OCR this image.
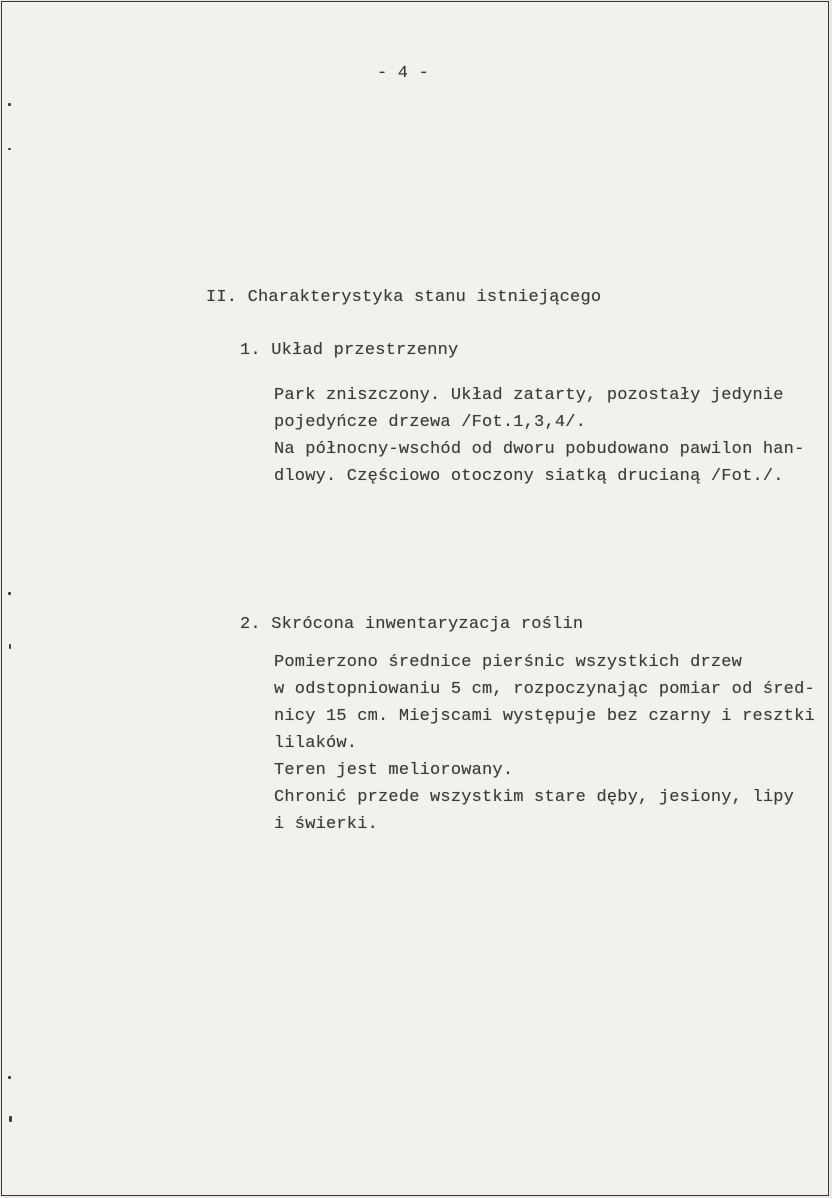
- 4 -
II. Charakterystyka stanu istniejącego
1. Układ przestrzenny

Park zniszczony. Układ zatarty, pozostały jedynie

pojedyńcze drzewa /Fot.1,3,4/.

Na północny-wschód od dworu pobudowano pawilon han-

dlowy. Częściowo otoczony siatką drucianą /Fot./.

2. Skrócona inwentaryzacja roślin

Pomierzono średnice pierśnic wszystkich drzew

w odstopniowaniu 5 cm, rozpoczynając pomiar od śred-

nicy 15 cm. Miejscami występuje bez czarny i resztki

lilaków.

Teren jest meliorowany.

Chronić przede wszystkim stare dęby, jesiony, lipy

i świerki.
